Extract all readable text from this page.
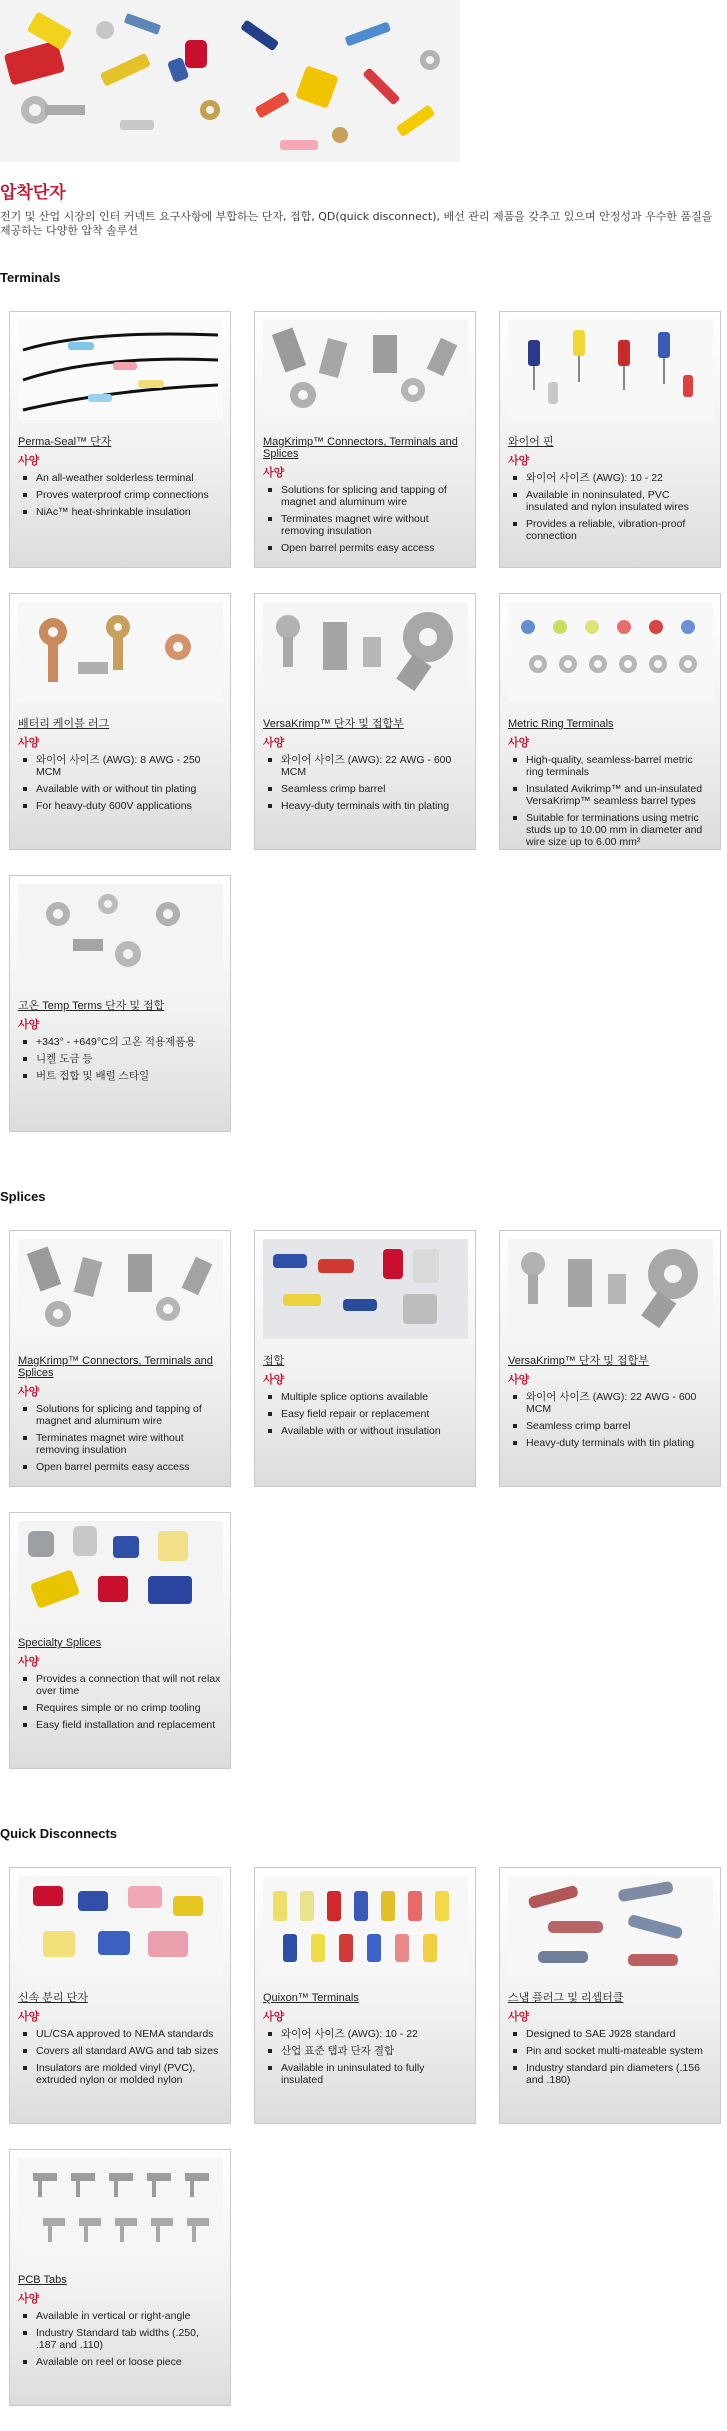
압착단자

전기 및 산업 시장의 인터 커넥트 요구사항에 부합하는 단자, 접합, QD(quick disconnect), 배선 관리 제품을 갖추고 있으며 안정성과 우수한 품질을 제공하는 다양한 압착 솔루션

Terminals
Perma-Seal™ 단자
사양
An all-weather solderless terminal
Proves waterproof crimp connections
NiAc™ heat-shrinkable insulation
MagKrimp™ Connectors, Terminals and Splices
사양
Solutions for splicing and tapping of magnet and aluminum wire
Terminates magnet wire without removing insulation
Open barrel permits easy access
와이어 핀
사양
와이어 사이즈 (AWG): 10 - 22
Available in noninsulated, PVC insulated and nylon insulated wires
Provides a reliable, vibration-proof connection
배터리 케이블 러그
사양
와이어 사이즈 (AWG): 8 AWG - 250 MCM
Available with or without tin plating
For heavy-duty 600V applications
VersaKrimp™ 단자 및 접합부
사양
와이어 사이즈 (AWG): 22 AWG - 600 MCM
Seamless crimp barrel
Heavy-duty terminals with tin plating
Metric Ring Terminals
사양
High-quality, seamless-barrel metric ring terminals
Insulated Avikrimp™ and un-insulated VersaKrimp™ seamless barrel types
Suitable for terminations using metric studs up to 10.00 mm in diameter and wire size up to 6.00 mm²
고온 Temp Terms 단자 및 접합
사양
+343° - +649°C의 고온 적용제품용
니켈 도금 등
버트 접합 및 배럴 스타일
Splices
MagKrimp™ Connectors, Terminals and Splices
사양
Solutions for splicing and tapping of magnet and aluminum wire
Terminates magnet wire without removing insulation
Open barrel permits easy access
접합
사양
Multiple splice options available
Easy field repair or replacement
Available with or without insulation
VersaKrimp™ 단자 및 접합부
사양
와이어 사이즈 (AWG): 22 AWG - 600 MCM
Seamless crimp barrel
Heavy-duty terminals with tin plating
Specialty Splices
사양
Provides a connection that will not relax over time
Requires simple or no crimp tooling
Easy field installation and replacement
Quick Disconnects
신속 분리 단자
사양
UL/CSA approved to NEMA standards
Covers all standard AWG and tab sizes
Insulators are molded vinyl (PVC), extruded nylon or molded nylon
Quixon™ Terminals
사양
와이어 사이즈 (AWG): 10 - 22
산업 표준 탭과 단자 결합
Available in uninsulated to fully insulated
스냅 플러그 및 리셉터클
사양
Designed to SAE J928 standard
Pin and socket multi-mateable system
Industry standard pin diameters (.156 and .180)
PCB Tabs
사양
Available in vertical or right-angle
Industry Standard tab widths (.250, .187 and .110)
Available on reel or loose piece
